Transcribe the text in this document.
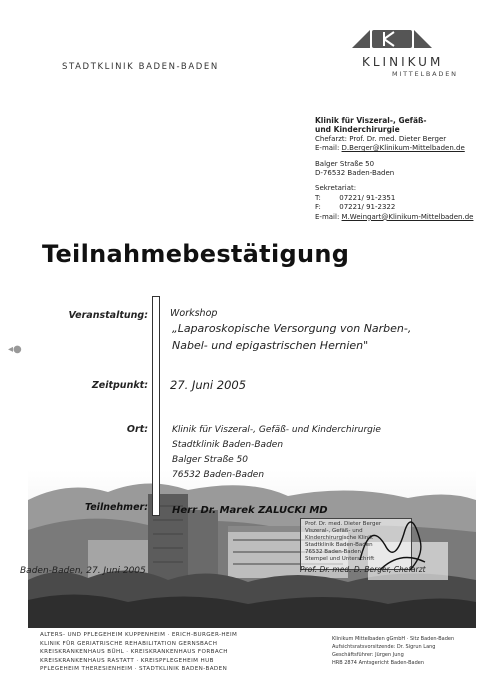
STADTKLINIK BADEN-BADEN	KLINIKUM
MITTELBADEN
Klinik für Viszeral-, Gefäß-
und Kinderchirurgie
Chefarzt: Prof. Dr. med. Dieter Berger
E-mail: D.Berger@Klinikum-Mittelbaden.de
Balger Straße 50
D-76532 Baden-Baden
Sekretariat:
T:	07221/ 91-2351
F:	07221/ 91-2322
E-mail: M.Weingart@Klinikum-Mittelbaden.de
Teilnahmebestätigung
◂●
Veranstaltung: Workshop
„Laparoskopische Versorgung von Narben-,
Nabel- und epigastrischen Hernien"
Zeitpunkt: 27. Juni 2005
Ort:	Klinik für Viszeral-, Gefäß- und Kinderchirurgie
Stadtklinik Baden-Baden
Balger Straße 50
76532 Baden-Baden
Teilnehmer: Herr Dr. Marek ZALUCKI MD
Prof. Dr. med. Dieter Berger
Viszeral-, Gefäß- und
Kinderchirurgische Klinik
Stadtklinik Baden-Baden
76532 Baden-Baden
Stempel und Unterschrift
Baden-Baden, 27. Juni 2005	Prof. Dr. med. D. Berger, Chefarzt
ALTERS- UND PFLEGEHEIM KUPPENHEIM · ERICH-BURGER-HEIM
KLINIK FÜR GERIATRISCHE REHABILITATION GERNSBACH
KREISKRANKENHAUS BÜHL · KREISKRANKENHAUS FORBACH
KREISKRANKENHAUS RASTATT · KREISPFLEGEHEIM HUB
PFLEGEHEIM THERESIENHEIM · STADTKLINIK BADEN-BADEN
Klinikum Mittelbaden gGmbH · Sitz Baden-Baden
Aufsichtsratsvorsitzende: Dr. Sigrun Lang
Geschäftsführer: Jürgen Jung
HRB 2874 Amtsgericht Baden-Baden
